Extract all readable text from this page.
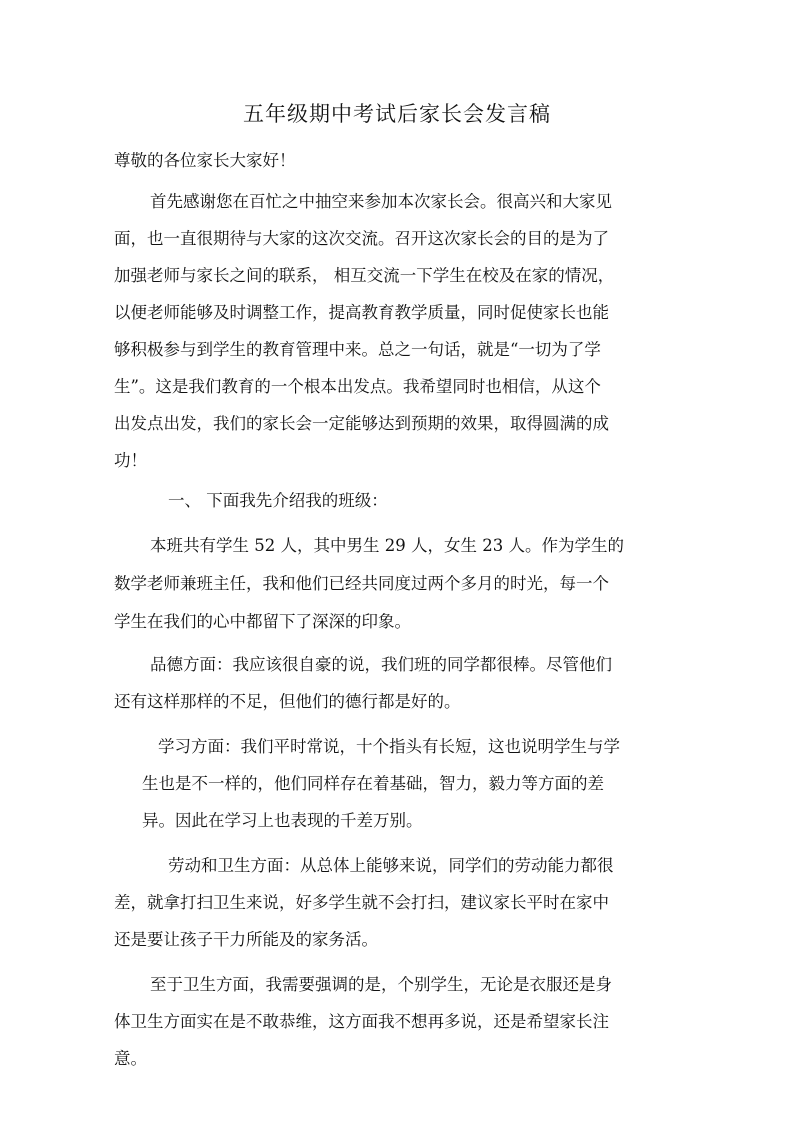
五年级期中考试后家长会发言稿

尊敬的各位家长大家好！

首先感谢您在百忙之中抽空来参加本次家长会。很高兴和大家见

面，也一直很期待与大家的这次交流。召开这次家长会的目的是为了

加强老师与家长之间的联系， 相互交流一下学生在校及在家的情况，

以便老师能够及时调整工作，提高教育教学质量，同时促使家长也能

够积极参与到学生的教育管理中来。总之一句话，就是“一切为了学

生”。这是我们教育的一个根本出发点。我希望同时也相信，从这个

出发点出发，我们的家长会一定能够达到预期的效果，取得圆满的成

功！

一、 下面我先介绍我的班级：

本班共有学生 52 人，其中男生 29 人，女生 23 人。作为学生的

数学老师兼班主任，我和他们已经共同度过两个多月的时光，每一个

学生在我们的心中都留下了深深的印象。

品德方面：我应该很自豪的说，我们班的同学都很棒。尽管他们

还有这样那样的不足，但他们的德行都是好的。

学习方面：我们平时常说，十个指头有长短，这也说明学生与学

生也是不一样的，他们同样存在着基础，智力，毅力等方面的差

异。因此在学习上也表现的千差万别。

劳动和卫生方面：从总体上能够来说，同学们的劳动能力都很

差，就拿打扫卫生来说，好多学生就不会打扫，建议家长平时在家中

还是要让孩子干力所能及的家务活。

至于卫生方面，我需要强调的是，个别学生，无论是衣服还是身

体卫生方面实在是不敢恭维，这方面我不想再多说，还是希望家长注

意。
